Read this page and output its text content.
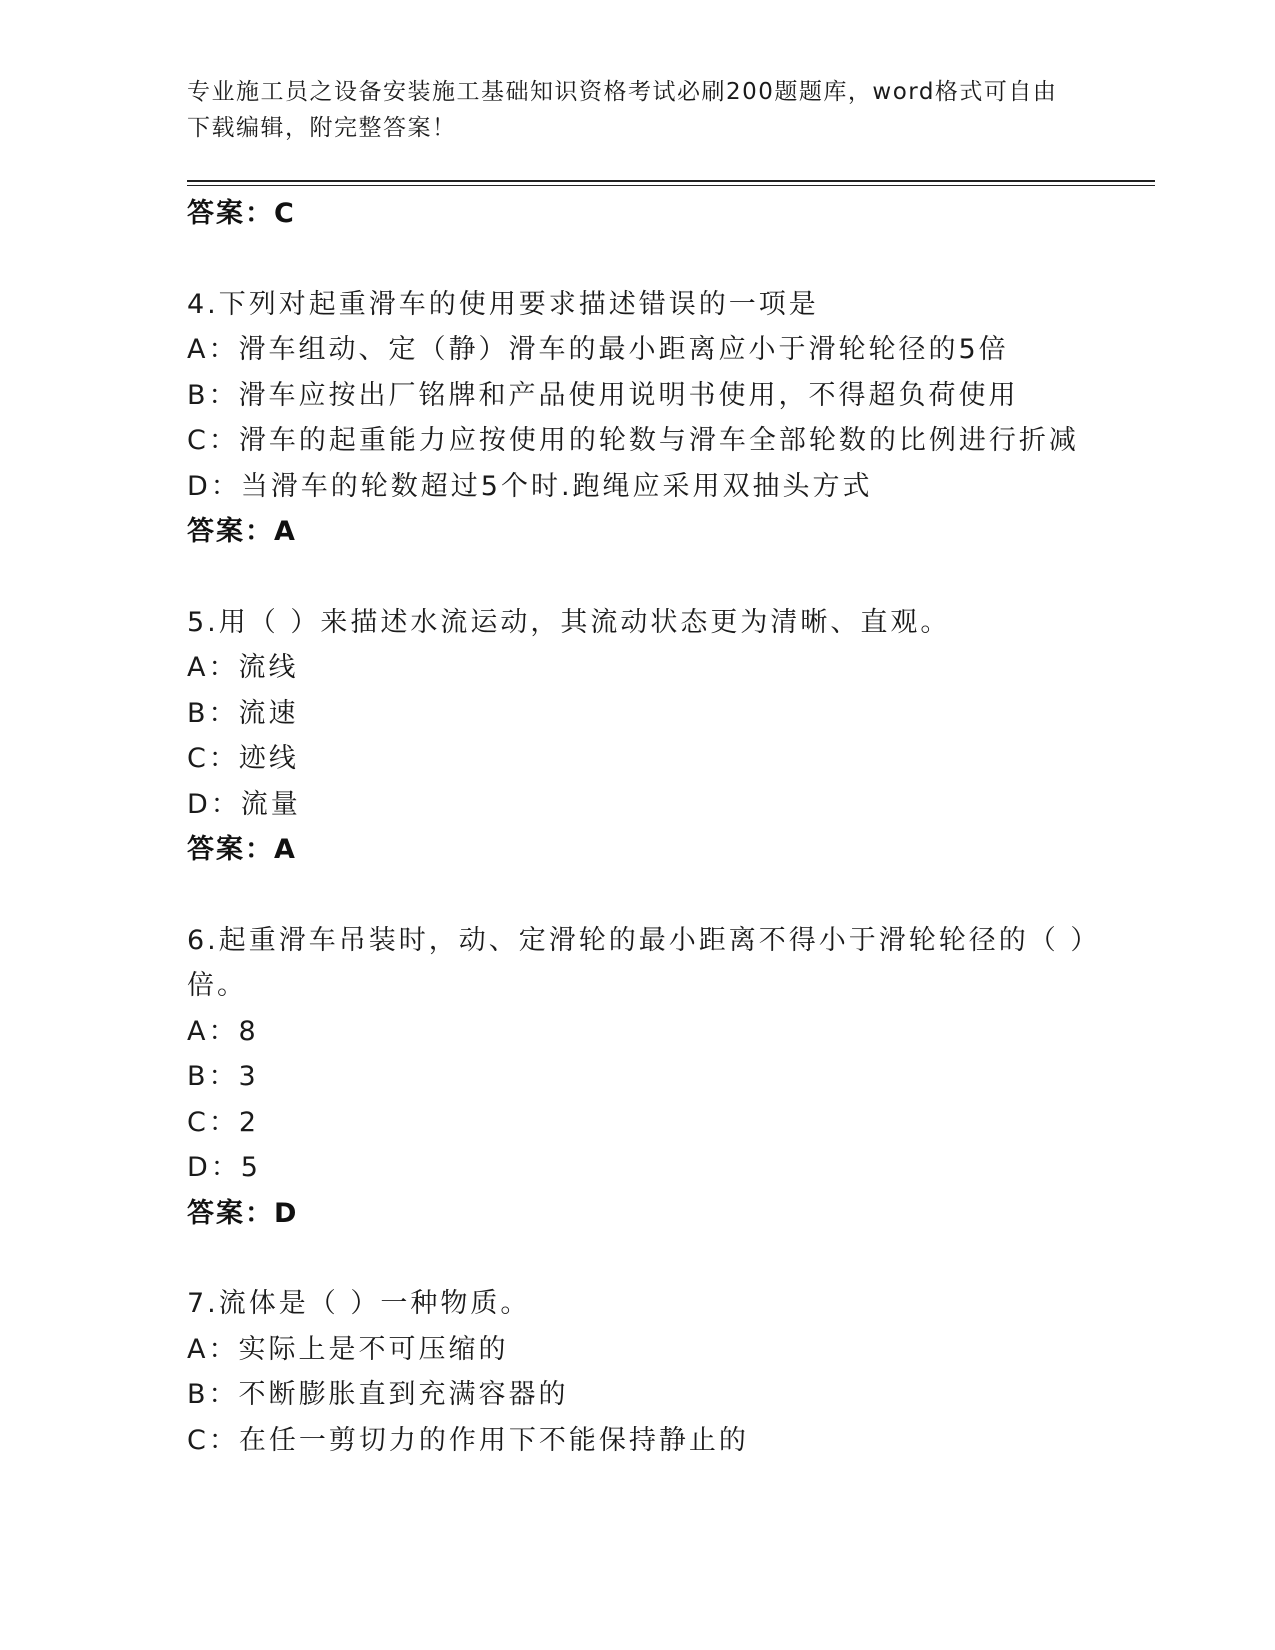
专业施工员之设备安装施工基础知识资格考试必刷200题题库，word格式可自由下载编辑，附完整答案！
答案：C
4.下列对起重滑车的使用要求描述错误的一项是
A：滑车组动、定（静）滑车的最小距离应小于滑轮轮径的5倍
B：滑车应按出厂铭牌和产品使用说明书使用，不得超负荷使用
C：滑车的起重能力应按使用的轮数与滑车全部轮数的比例进行折减
D：当滑车的轮数超过5个时.跑绳应采用双抽头方式
答案：A
5.用（ ）来描述水流运动，其流动状态更为清晰、直观。
A：流线
B：流速
C：迹线
D：流量
答案：A
6.起重滑车吊装时，动、定滑轮的最小距离不得小于滑轮轮径的（ ）
倍。
A：8
B：3
C：2
D：5
答案：D
7.流体是（ ）一种物质。
A：实际上是不可压缩的
B：不断膨胀直到充满容器的
C：在任一剪切力的作用下不能保持静止的
